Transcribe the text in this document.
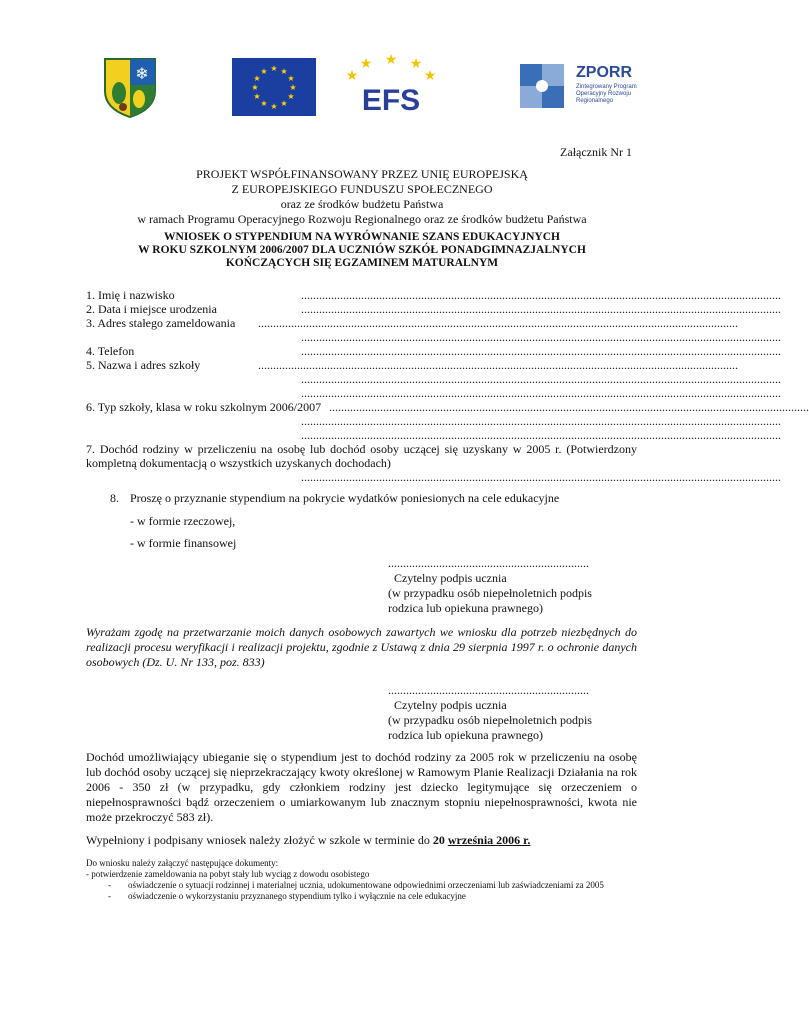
❄	★ ★
★
★
★
★
★
★
★
★
★
★	★
★ ★ ★
★
EFS
ZPORR
Zintegrowany Program Operacyjny Rozwoju Regionalnego
Załącznik Nr 1
PROJEKT WSPÓŁFINANSOWANY PRZEZ UNIĘ EUROPEJSKĄ
Z EUROPEJSKIEGO FUNDUSZU SPOŁECZNEGO
oraz ze środków budżetu Państwa
w ramach Programu Operacyjnego Rozwoju Regionalnego oraz ze środków budżetu Państwa
WNIOSEK O STYPENDIUM NA WYRÓWNANIE SZANS EDUKACYJNYCH
W ROKU SZKOLNYM 2006/2007 DLA UCZNIÓW SZKÓŁ PONADGIMNAZJALNYCH
KOŃCZĄCYCH SIĘ EGZAMINEM MATURALNYM
1. Imię i nazwisko	................................................................................................................................................................
2. Data i miejsce urodzenia	................................................................................................................................................................
3. Adres stałego zameldowania ................................................................................................................................................................
................................................................................................................................................................
4. Telefon	................................................................................................................................................................
5. Nazwa i adres szkoły	................................................................................................................................................................
................................................................................................................................................................
................................................................................................................................................................
6. Typ szkoły, klasa w roku szkolnym 2006/2007 ................................................................................................................................................................
................................................................................................................................................................
................................................................................................................................................................
7. Dochód rodziny w przeliczeniu na osobę lub dochód osoby uczącej się uzyskany w 2005 r. (Potwierdzony kompletną dokumentacją o wszystkich uzyskanych dochodach)
................................................................................................................................................................
8. Proszę o przyznanie stypendium na pokrycie wydatków poniesionych na cele edukacyjne
- w formie rzeczowej,
- w formie finansowej
...................................................................
Czytelny podpis ucznia
(w przypadku osób niepełnoletnich podpis
rodzica lub opiekuna prawnego)
Wyrażam zgodę na przetwarzanie moich danych osobowych zawartych we wniosku dla potrzeb niezbędnych do realizacji procesu weryfikacji i realizacji projektu, zgodnie z Ustawą z dnia 29 sierpnia 1997 r. o ochronie danych osobowych (Dz. U. Nr 133, poz. 833)
...................................................................
Czytelny podpis ucznia
(w przypadku osób niepełnoletnich podpis
rodzica lub opiekuna prawnego)
Dochód umożliwiający ubieganie się o stypendium jest to dochód rodziny za 2005 rok w przeliczeniu na osobę lub dochód osoby uczącej się nieprzekraczający kwoty określonej w Ramowym Planie Realizacji Działania na rok 2006 - 350 zł (w przypadku, gdy członkiem rodziny jest dziecko legitymujące się orzeczeniem o niepełnosprawności bądź orzeczeniem o umiarkowanym lub znacznym stopniu niepełnosprawności, kwota nie może przekroczyć 583 zł).
Wypełniony i podpisany wniosek należy złożyć w szkole w terminie do 20 września 2006 r.
Do wniosku należy załączyć następujące dokumenty:
- potwierdzenie zameldowania na pobyt stały lub wyciąg z dowodu osobistego
- oświadczenie o sytuacji rodzinnej i materialnej ucznia, udokumentowane odpowiednimi orzeczeniami lub zaświadczeniami za 2005
- oświadczenie o wykorzystaniu przyznanego stypendium tylko i wyłącznie na cele edukacyjne
